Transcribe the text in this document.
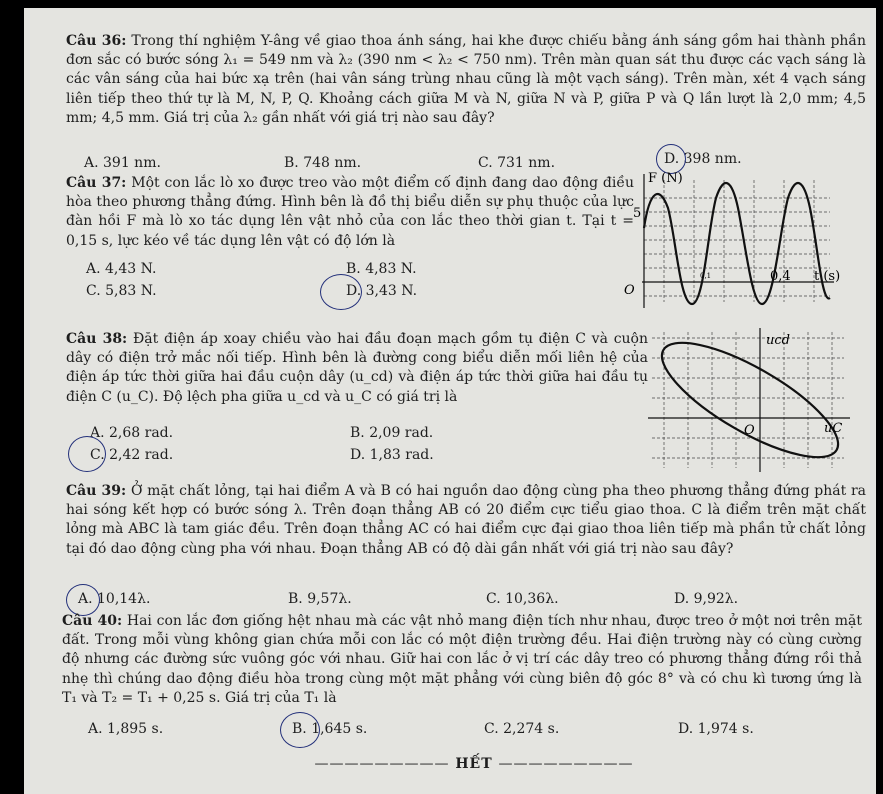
Câu 36: Trong thí nghiệm Y-âng về giao thoa ánh sáng, hai khe được chiếu bằng ánh sáng gồm hai thành phần đơn sắc có bước sóng λ₁ = 549 nm và λ₂ (390 nm < λ₂ < 750 nm). Trên màn quan sát thu được các vạch sáng là các vân sáng của hai bức xạ trên (hai vân sáng trùng nhau cũng là một vạch sáng). Trên màn, xét 4 vạch sáng liên tiếp theo thứ tự là M, N, P, Q. Khoảng cách giữa M và N, giữa N và P, giữa P và Q lần lượt là 2,0 mm; 4,5 mm; 4,5 mm. Giá trị của λ₂ gần nhất với giá trị nào sau đây?
A. 391 nm.	B. 748 nm.	C. 731 nm.	D. 398 nm.
Câu 37: Một con lắc lò xo được treo vào một điểm cố định đang dao động điều hòa theo phương thẳng đứng. Hình bên là đồ thị biểu diễn sự phụ thuộc của lực đàn hồi F mà lò xo tác dụng lên vật nhỏ của con lắc theo thời gian t. Tại t = 0,15 s, lực kéo về tác dụng lên vật có độ lớn là
A. 4,43 N.	B. 4,83 N.
C. 5,83 N.	D. 3,43 N.
F (N)
t (s)
5
0,4
0,1
O
Câu 38: Đặt điện áp xoay chiều vào hai đầu đoạn mạch gồm tụ điện C và cuộn dây có điện trở mắc nối tiếp. Hình bên là đường cong biểu diễn mối liên hệ của điện áp tức thời giữa hai đầu cuộn dây (u_cd) và điện áp tức thời giữa hai đầu tụ điện C (u_C). Độ lệch pha giữa u_cd và u_C có giá trị là
A. 2,68 rad.	B. 2,09 rad.
C. 2,42 rad.	D. 1,83 rad.
ucd
uC
O
Câu 39: Ở mặt chất lỏng, tại hai điểm A và B có hai nguồn dao động cùng pha theo phương thẳng đứng phát ra hai sóng kết hợp có bước sóng λ. Trên đoạn thẳng AB có 20 điểm cực tiểu giao thoa. C là điểm trên mặt chất lỏng mà ABC là tam giác đều. Trên đoạn thẳng AC có hai điểm cực đại giao thoa liên tiếp mà phần tử chất lỏng tại đó dao động cùng pha với nhau. Đoạn thẳng AB có độ dài gần nhất với giá trị nào sau đây?
A. 10,14λ.	B. 9,57λ.	C. 10,36λ.	D. 9,92λ.
Câu 40: Hai con lắc đơn giống hệt nhau mà các vật nhỏ mang điện tích như nhau, được treo ở một nơi trên mặt đất. Trong mỗi vùng không gian chứa mỗi con lắc có một điện trường đều. Hai điện trường này có cùng cường độ nhưng các đường sức vuông góc với nhau. Giữ hai con lắc ở vị trí các dây treo có phương thẳng đứng rồi thả nhẹ thì chúng dao động điều hòa trong cùng một mặt phẳng với cùng biên độ góc 8° và có chu kì tương ứng là T₁ và T₂ = T₁ + 0,25 s. Giá trị của T₁ là
A. 1,895 s.	B. 1,645 s.	C. 2,274 s.	D. 1,974 s.
————————— HẾT —————————
